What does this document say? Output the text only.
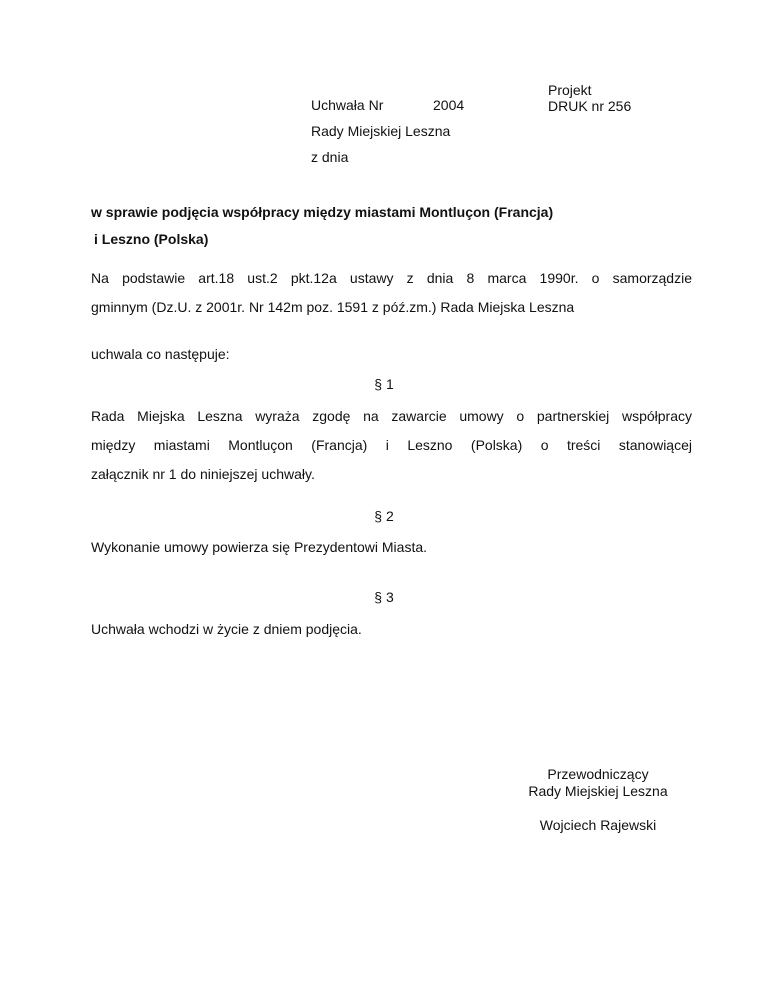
Uchwała Nr	2004
Rady Miejskiej Leszna
z dnia
Projekt
DRUK nr 256
w sprawie podjęcia współpracy między miastami Montluçon (Francja)
i Leszno (Polska)
Na podstawie art.18 ust.2 pkt.12a ustawy z dnia 8 marca 1990r. o samorządzie
gminnym (Dz.U. z 2001r. Nr 142m poz. 1591 z póź.zm.) Rada Miejska Leszna
uchwala co następuje:
§ 1
Rada Miejska Leszna wyraża zgodę na zawarcie umowy o partnerskiej współpracy
między miastami Montluçon (Francja) i Leszno (Polska) o treści stanowiącej
załącznik nr 1 do niniejszej uchwały.
§ 2
Wykonanie umowy powierza się Prezydentowi Miasta.
§ 3
Uchwała wchodzi w życie z dniem podjęcia.
Przewodniczący
Rady Miejskiej Leszna
Wojciech Rajewski
